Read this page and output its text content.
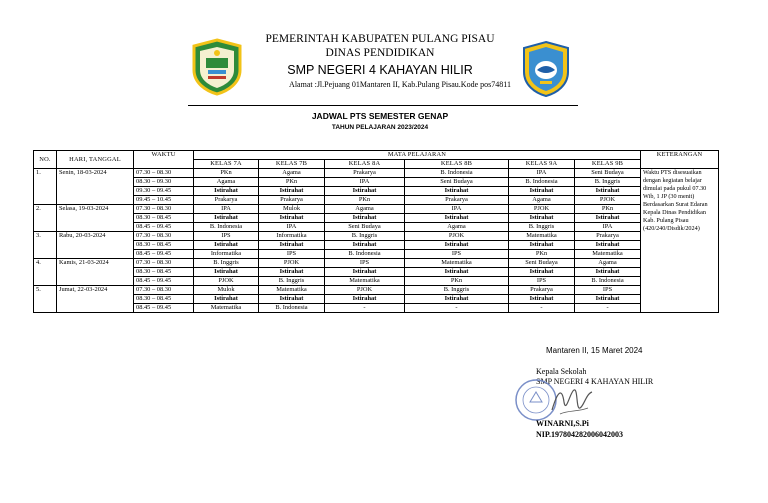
PEMERINTAH KABUPATEN PULANG PISAU
DINAS PENDIDIKAN
SMP NEGERI 4 KAHAYAN HILIR
Alamat :Jl.Pejuang 01Mantaren II, Kab.Pulang Pisau.Kode pos74811
JADWAL PTS SEMESTER GENAP
TAHUN PELAJARAN 2023/2024
NO.	HARI, TANGGAL	WAKTU	MATA PELAJARAN						KETERANGAN
			KELAS 7A	KELAS 7B	KELAS 8A	KELAS 8B	KELAS 9A	KELAS 9B	
1.	Senin, 18-03-2024	07.30 – 08.30	PKn	Agama	Prakarya	B. Indonesia	IPA	Seni Budaya	Waktu PTS disesuaikan dengan kegiatan belajar dimulai pada pukul 07.30 Wib, 1 JP (30 menit) Berdasarkan Surat Edaran Kepala Dinas Pendidikan Kab. Pulang Pisau (420/240/Disdik/2024)
		08.30 – 09.30	Agama	PKn	IPA	Seni Budaya	B. Indonesia	B. Inggris	
		09.30 – 09.45	Istirahat	Istirahat	Istirahat	Istirahat	Istirahat	Istirahat	
		09.45 – 10.45	Prakarya	Prakarya	PKn	Prakarya	Agama	PJOK	
2.	Selasa, 19-03-2024	07.30 – 08.30	IPA	Mulok	Agama	IPA	PJOK	PKn	
		08.30 – 08.45	Istirahat	Istirahat	Istirahat	Istirahat	Istirahat	Istirahat	
		08.45 – 09.45	B. Indonesia	IPA	Seni Budaya	Agama	B. Inggris	IPA	
3.	Rabu, 20-03-2024	07.30 – 08.30	IPS	Informatika	B. Inggris	PJOK	Matematika	Prakarya	
		08.30 – 08.45	Istirahat	Istirahat	Istirahat	Istirahat	Istirahat	Istirahat	
		08.45 – 09.45	Informatika	IPS	B. Indonesia	IPS	PKn	Matematika	
4.	Kamis, 21-03-2024	07.30 – 08.30	B. Inggris	PJOK	IPS	Matematika	Seni Budaya	Agama	
		08.30 – 08.45	Istirahat	Istirahat	Istirahat	Istirahat	Istirahat	Istirahat	
		08.45 – 09.45	PJOK	B. Inggris	Matematika	PKn	IPS	B. Indonesia	
5.	Jumat, 22-03-2024	07.30 – 08.30	Mulok	Matematika	PJOK	B. Inggris	Prakarya	IPS	
		08.30 – 08.45	Istirahat	Istirahat	Istirahat	Istirahat	Istirahat	Istirahat	
		08.45 – 09.45	Matematika	B. Indonesia	-	-	-	-	
Mantaren II, 15 Maret 2024
Kepala Sekolah
SMP NEGERI 4 KAHAYAN HILIR
WINARNI,S.Pi
NIP.197804282006042003
